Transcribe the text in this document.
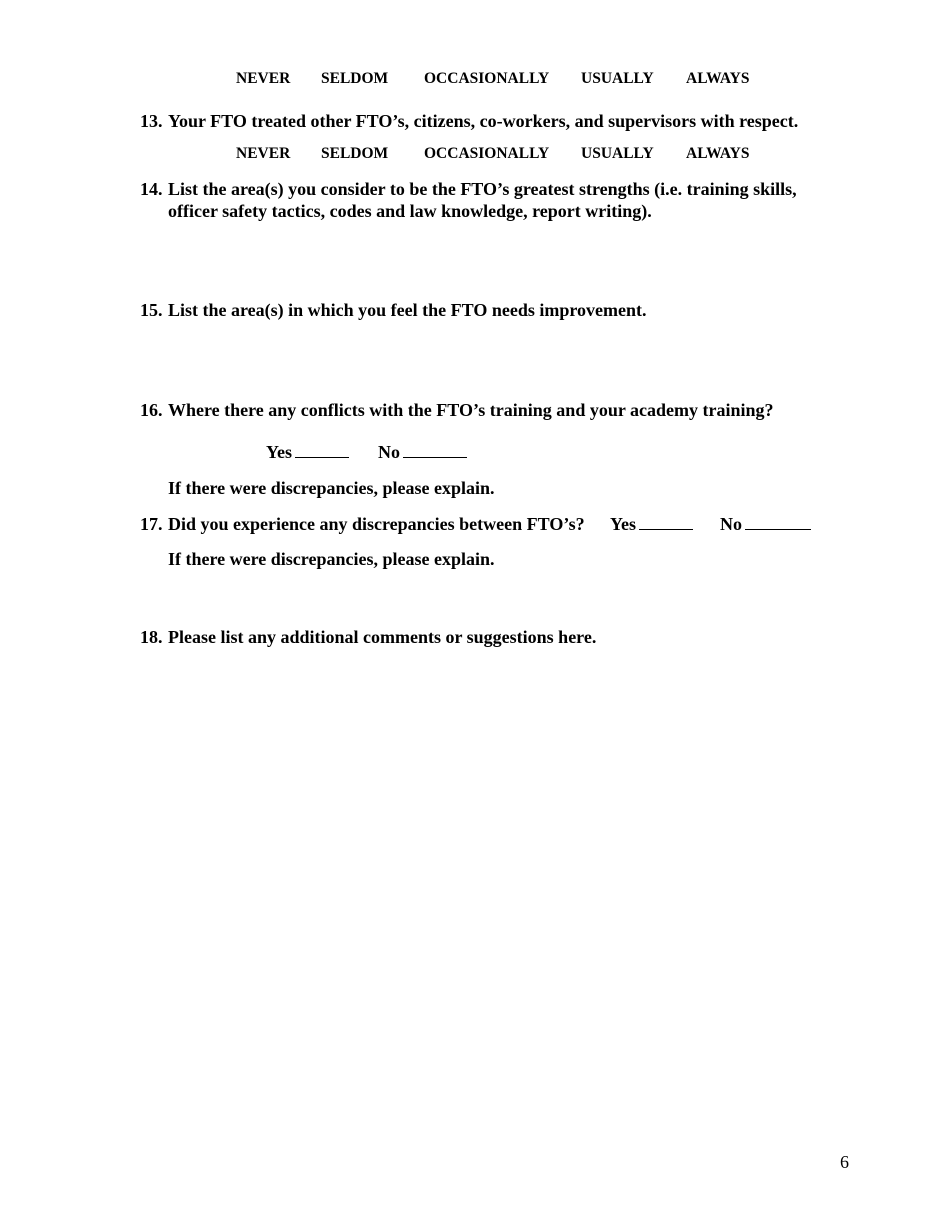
NEVER SELDOM OCCASIONALLY USUALLY ALWAYS
13. Your FTO treated other FTO’s, citizens, co-workers, and supervisors with respect.
NEVER SELDOM OCCASIONALLY USUALLY ALWAYS
14. List the area(s) you consider to be the FTO’s greatest strengths (i.e. training skills, officer safety tactics, codes and law knowledge, report writing).
15. List the area(s) in which you feel the FTO needs improvement.
16. Where there any conflicts with the FTO’s training and your academy training?
Yes	No
If there were discrepancies, please explain.
17. Did you experience any discrepancies between FTO’s?	Yes	No
If there were discrepancies, please explain.
18. Please list any additional comments or suggestions here.
6
